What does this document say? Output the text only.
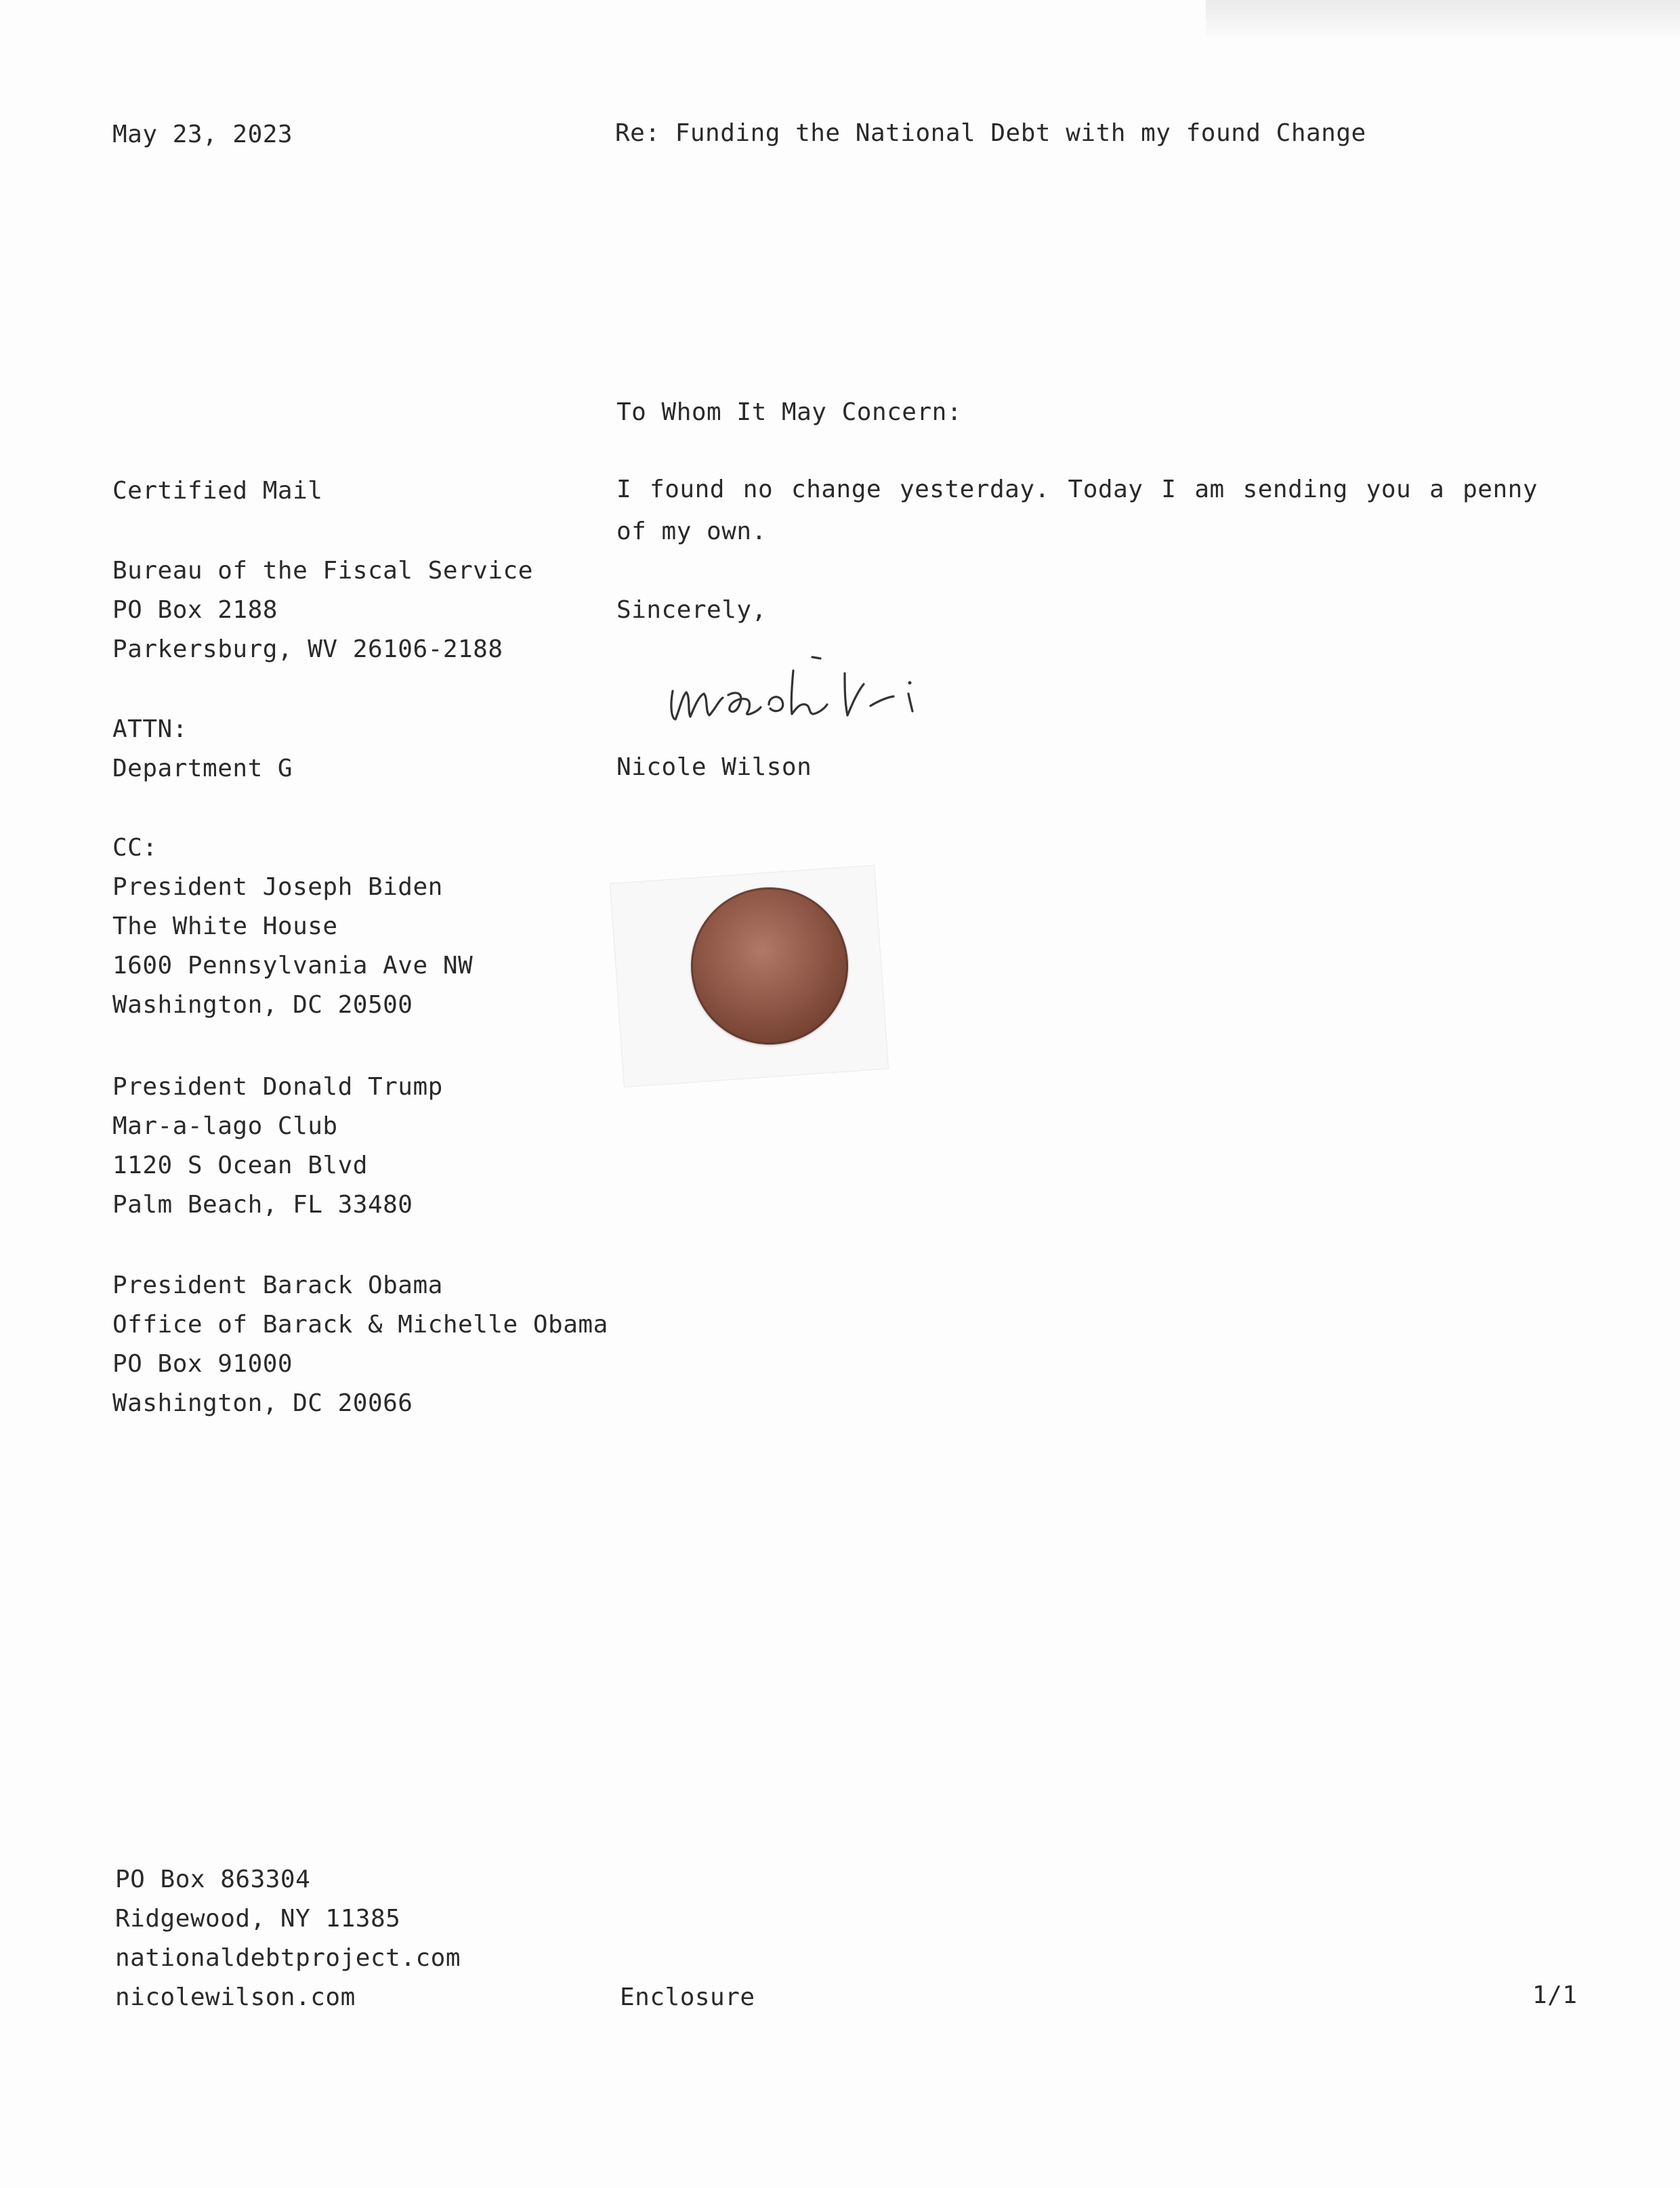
May 23, 2023	Re: Funding the National Debt with my found Change
To Whom It May Concern:
I found no change yesterday. Today I am sending you a penny of my own.
Sincerely,
Nicole Wilson
Certified Mail
Bureau of the Fiscal Service
PO Box 2188
Parkersburg, WV 26106-2188
ATTN:
Department G
CC:
President Joseph Biden
The White House
1600 Pennsylvania Ave NW
Washington, DC 20500
President Donald Trump
Mar-a-lago Club
1120 S Ocean Blvd
Palm Beach, FL 33480
President Barack Obama
Office of Barack & Michelle Obama
PO Box 91000
Washington, DC 20066
PO Box 863304
Ridgewood, NY 11385
nationaldebtproject.com
nicolewilson.com	Enclosure	1/1
